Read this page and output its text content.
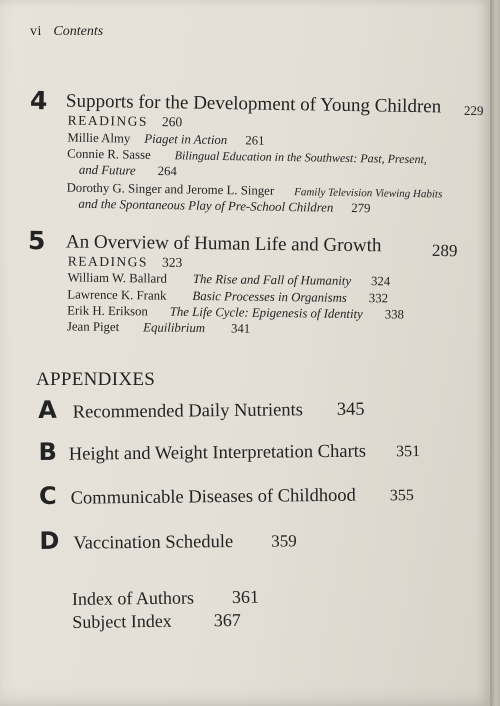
vi Contents
4 Supports for the Development of Young Children 229
READINGS 260
Millie Almy Piaget in Action 261
Connie R. Sasse Bilingual Education in the Southwest: Past, Present,
and Future 264
Dorothy G. Singer and Jerome L. Singer Family Television Viewing Habits
and the Spontaneous Play of Pre-School Children 279
5 An Overview of Human Life and Growth	289
READINGS 323
William W. Ballard The Rise and Fall of Humanity 324
Lawrence K. Frank Basic Processes in Organisms 332
Erik H. Erikson The Life Cycle: Epigenesis of Identity 338
Jean Piget Equilibrium 341
APPENDIXES
A Recommended Daily Nutrients 345
B Height and Weight Interpretation Charts 351
C Communicable Diseases of Childhood 355
D Vaccination Schedule 359
Index of Authors 361
Subject Index 367
